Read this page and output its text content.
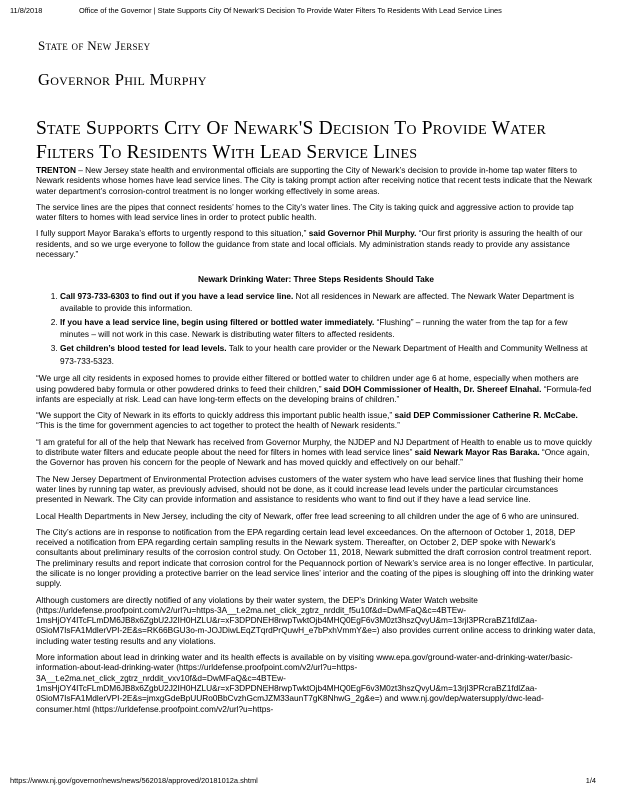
11/8/2018	Office of the Governor | State Supports City Of Newark'S Decision To Provide Water Filters To Residents With Lead Service Lines
State of New Jersey
Governor Phil Murphy
State Supports City Of Newark'S Decision To Provide Water Filters To Residents With Lead Service Lines

TRENTON – New Jersey state health and environmental officials are supporting the City of Newark’s decision to provide in-home tap water filters to Newark residents whose homes have lead service lines. The City is taking prompt action after receiving notice that recent tests indicate that the Newark water department’s corrosion-control treatment is no longer working effectively in some areas.

The service lines are the pipes that connect residents’ homes to the City’s water lines. The City is taking quick and aggressive action to provide tap water filters to homes with lead service lines in order to protect public health.

I fully support Mayor Baraka’s efforts to urgently respond to this situation,” said Governor Phil Murphy. “Our first priority is assuring the health of our residents, and so we urge everyone to follow the guidance from state and local officials. My administration stands ready to provide any assistance necessary.”

Newark Drinking Water: Three Steps Residents Should Take

1. Call 973-733-6303 to find out if you have a lead service line. Not all residences in Newark are affected. The Newark Water Department is available to provide this information.
2. If you have a lead service line, begin using filtered or bottled water immediately. “Flushing” – running the water from the tap for a few minutes – will not work in this case. Newark is distributing water filters to affected residents.
3. Get children’s blood tested for lead levels. Talk to your health care provider or the Newark Department of Health and Community Wellness at 973-733-5323.

“We urge all city residents in exposed homes to provide either filtered or bottled water to children under age 6 at home, especially when mothers are using powdered baby formula or other powdered drinks to feed their children,” said DOH Commissioner of Health, Dr. Shereef Elnahal. “Formula-fed infants are especially at risk. Lead can have long-term effects on the developing brains of children.”

“We support the City of Newark in its efforts to quickly address this important public health issue,” said DEP Commissioner Catherine R. McCabe. “This is the time for government agencies to act together to protect the health of Newark residents.”

“I am grateful for all of the help that Newark has received from Governor Murphy, the NJDEP and NJ Department of Health to enable us to move quickly to distribute water filters and educate people about the need for filters in homes with lead service lines” said Newark Mayor Ras Baraka. “Once again, the Governor has proven his concern for the people of Newark and has moved quickly and effectively on our behalf.”

The New Jersey Department of Environmental Protection advises customers of the water system who have lead service lines that flushing their home water lines by running tap water, as previously advised, should not be done, as it could increase lead levels under the particular circumstances presented in Newark. The City can provide information and assistance to residents who want to find out if they have a lead service line.

Local Health Departments in New Jersey, including the city of Newark, offer free lead screening to all children under the age of 6 who are uninsured.

The City’s actions are in response to notification from the EPA regarding certain lead level exceedances. On the afternoon of October 1, 2018, DEP received a notification from EPA regarding certain sampling results in the Newark system. Thereafter, on October 2, DEP spoke with Newark’s consultants about preliminary results of the corrosion control study. On October 11, 2018, Newark submitted the draft corrosion control treatment report. The preliminary results and report indicate that corrosion control for the Pequannock portion of Newark’s service area is no longer effective. In particular, the silicate is no longer providing a protective barrier on the lead service lines’ interior and the coating of the pipes is sloughing off into the drinking water supply.

Although customers are directly notified of any violations by their water system, the DEP’s Drinking Water Watch website (https://urldefense.proofpoint.com/v2/url?u=https-3A__t.e2ma.net_click_zgtrz_nrddit_f5u10f&d=DwMFaQ&c=4BTEw-1msHjOY4ITcFLmDM6JB8x6ZgbU2J2IH0HZLU&r=xF3DPDNEH8rwpTwktOjb4MHQ0EgF6v3M0zt3hszQvyU&m=13rjl3PRcraBZ1fdlZaa-0SioM7IsFA1MdlerVPI-2E&s=RK66BGU3o-m-JOJDiwLEqZTqrdPrQuwH_e7bPxhVmmY&e=) also provides current online access to drinking water data, including water testing results and any violations.

More information about lead in drinking water and its health effects is available on by visiting www.epa.gov/ground-water-and-drinking-water/basic-information-about-lead-drinking-water (https://urldefense.proofpoint.com/v2/url?u=https-3A__t.e2ma.net_click_zgtrz_nrddit_vxv10f&d=DwMFaQ&c=4BTEw-1msHjOY4ITcFLmDM6JB8x6ZgbU2J2IH0HZLU&r=xF3DPDNEH8rwpTwktOjb4MHQ0EgF6v3M0zt3hszQvyU&m=13rjl3PRcraBZ1fdlZaa-0SioM7IsFA1MdlerVPI-2E&s=jmxgGdeBpUURo0BbCvzhGcmJZM33aunT7gK8NhwG_2g&e=) and www.nj.gov/dep/watersupply/dwc-lead-consumer.html (https://urldefense.proofpoint.com/v2/url?u=https-

https://www.nj.gov/governor/news/news/562018/approved/20181012a.shtml	1/4
